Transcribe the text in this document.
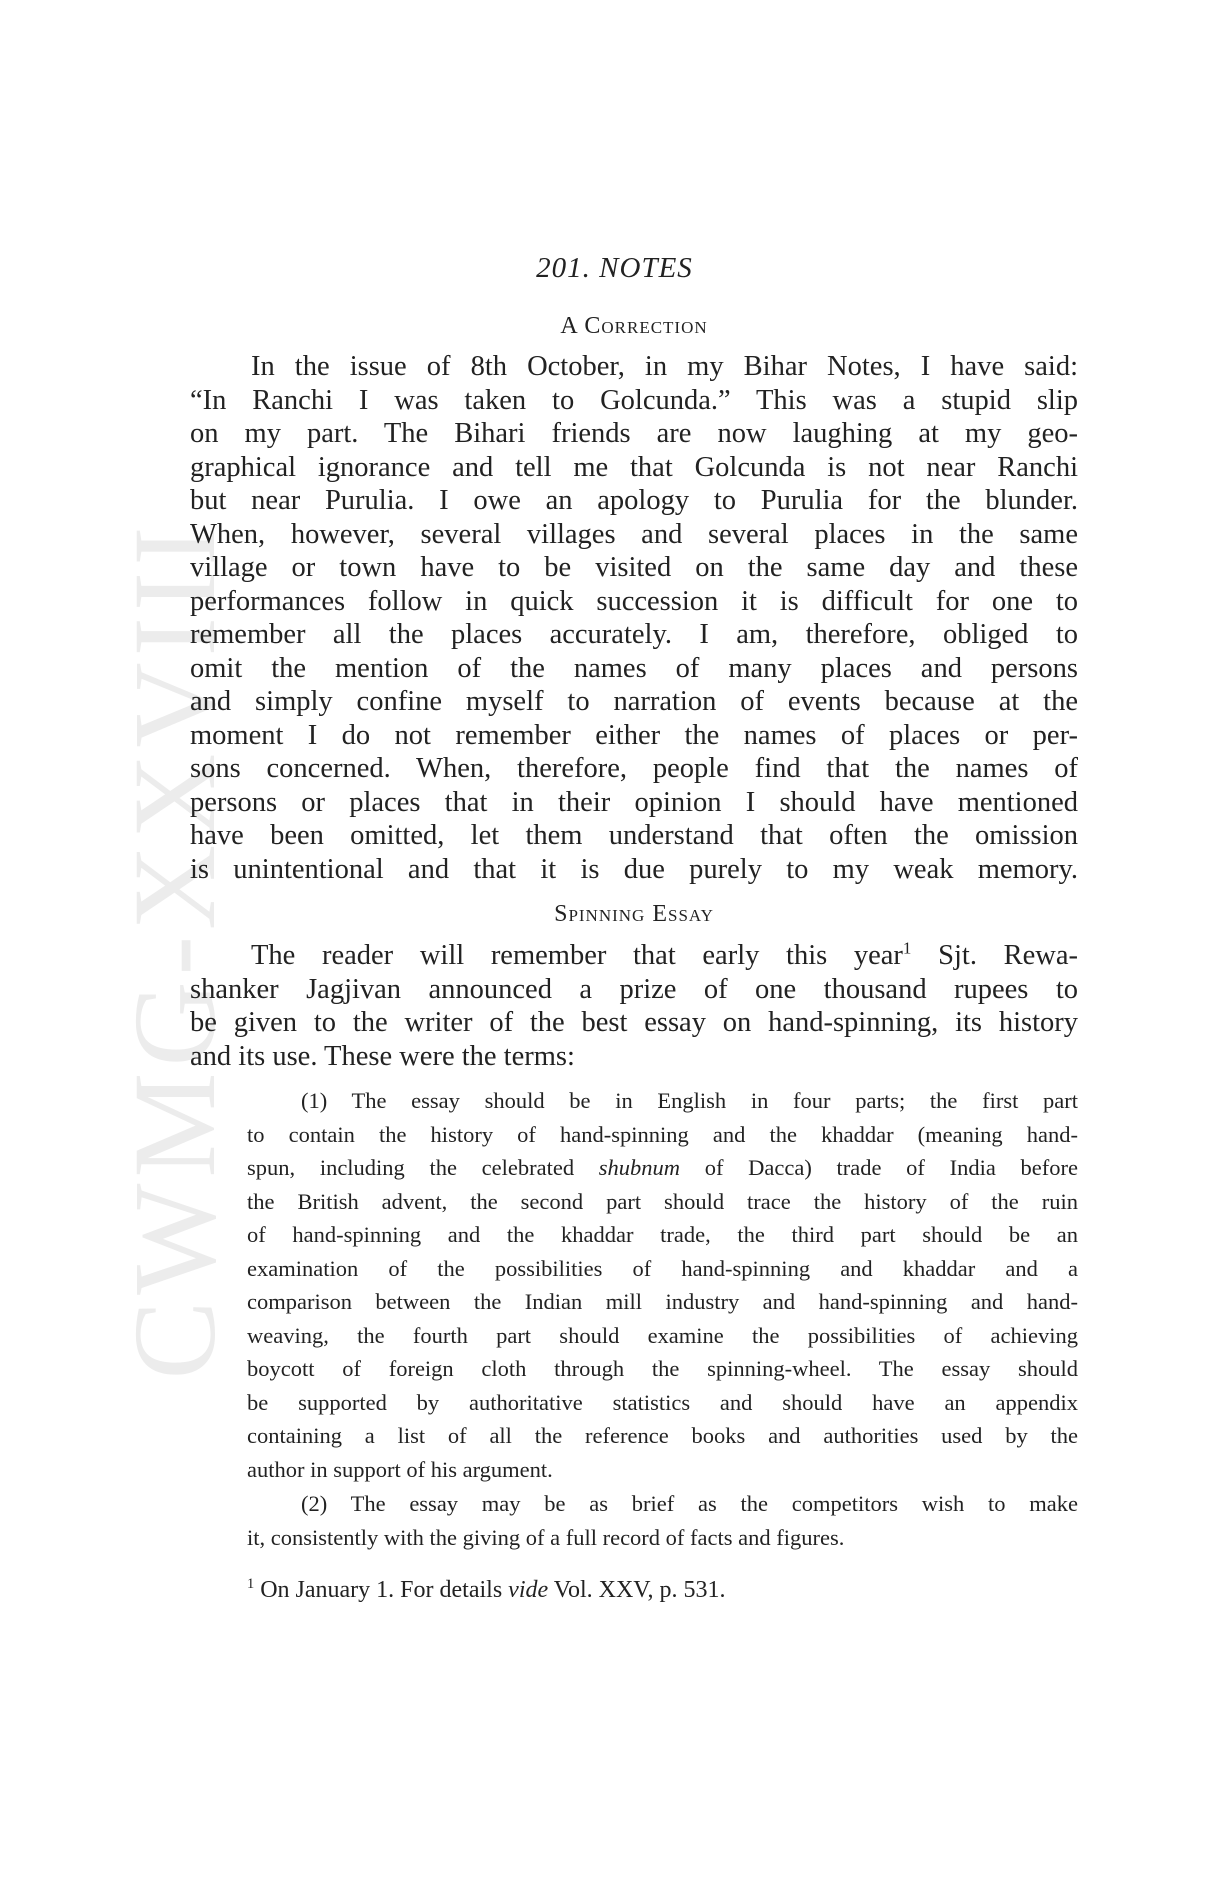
CWMG-XXVIII
201. NOTES
A Correction
In the issue of 8th October, in my Bihar Notes, I have said:
“In Ranchi I was taken to Golcunda.” This was a stupid slip
on my part. The Bihari friends are now laughing at my geo-
graphical ignorance and tell me that Golcunda is not near Ranchi
but near Purulia. I owe an apology to Purulia for the blunder.
When, however, several villages and several places in the same
village or town have to be visited on the same day and these
performances follow in quick succession it is difficult for one to
remember all the places accurately. I am, therefore, obliged to
omit the mention of the names of many places and persons
and simply confine myself to narration of events because at the
moment I do not remember either the names of places or per-
sons concerned. When, therefore, people find that the names of
persons or places that in their opinion I should have mentioned
have been omitted, let them understand that often the omission
is unintentional and that it is due purely to my weak memory.
Spinning Essay
The reader will remember that early this year$^1$ Sjt. Rewa-
shanker Jagjivan announced a prize of one thousand rupees to
be given to the writer of the best essay on hand-spinning, its history
and its use. These were the terms:
(1) The essay should be in English in four parts; the first part
to contain the history of hand-spinning and the khaddar (meaning hand-
spun, including the celebrated shubnum of Dacca) trade of India before
the British advent, the second part should trace the history of the ruin
of hand-spinning and the khaddar trade, the third part should be an
examination of the possibilities of hand-spinning and khaddar and a
comparison between the Indian mill industry and hand-spinning and hand-
weaving, the fourth part should examine the possibilities of achieving
boycott of foreign cloth through the spinning-wheel. The essay should
be supported by authoritative statistics and should have an appendix
containing a list of all the reference books and authorities used by the
author in support of his argument.
(2) The essay may be as brief as the competitors wish to make
it, consistently with the giving of a full record of facts and figures.
$^1$ On January 1. For details vide Vol. XXV, p. 531.
